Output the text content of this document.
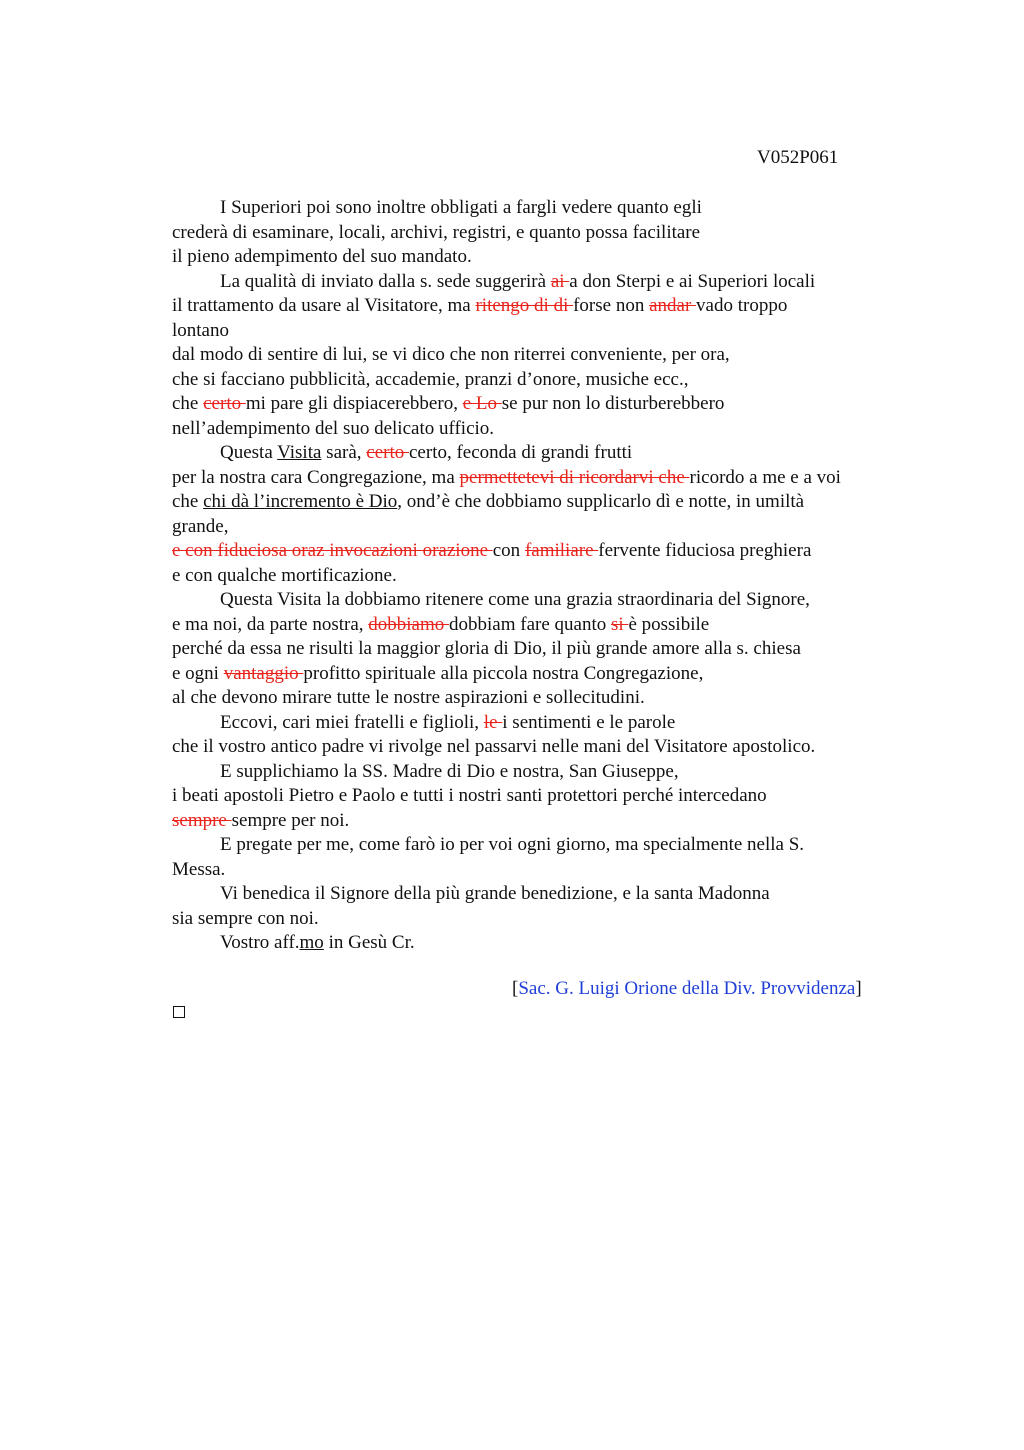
V052P061
I Superiori poi sono inoltre obbligati a fargli vedere quanto egli
crederà di esaminare, locali, archivi, registri, e quanto possa facilitare
il pieno adempimento del suo mandato.
La qualità di inviato dalla s. sede suggerirà ai a don Sterpi e ai Superiori locali
il trattamento da usare al Visitatore, ma ritengo di di forse non andar vado troppo
lontano
dal modo di sentire di lui, se vi dico che non riterrei conveniente, per ora,
che si facciano pubblicità, accademie, pranzi d’onore, musiche ecc.,
che certo mi pare gli dispiacerebbero, e Lo se pur non lo disturberebbero
nell’adempimento del suo delicato ufficio.
Questa Visita sarà, certo certo, feconda di grandi frutti
per la nostra cara Congregazione, ma permettetevi di ricordarvi che ricordo a me e a voi
che chi dà l’incremento è Dio, ond’è che dobbiamo supplicarlo dì e notte, in umiltà
grande,
e con fiduciosa oraz invocazioni orazione con familiare fervente fiduciosa preghiera
e con qualche mortificazione.
Questa Visita la dobbiamo ritenere come una grazia straordinaria del Signore,
e ma noi, da parte nostra, dobbiamo dobbiam fare quanto si è possibile
perché da essa ne risulti la maggior gloria di Dio, il più grande amore alla s. chiesa
e ogni vantaggio profitto spirituale alla piccola nostra Congregazione,
al che devono mirare tutte le nostre aspirazioni e sollecitudini.
Eccovi, cari miei fratelli e figlioli, le i sentimenti e le parole
che il vostro antico padre vi rivolge nel passarvi nelle mani del Visitatore apostolico.
E supplichiamo la SS. Madre di Dio e nostra, San Giuseppe,
i beati apostoli Pietro e Paolo e tutti i nostri santi protettori perché intercedano
sempre sempre per noi.
E pregate per me, come farò io per voi ogni giorno, ma specialmente nella S.
Messa.
Vi benedica il Signore della più grande benedizione, e la santa Madonna
sia sempre con noi.
Vostro aff.mo in Gesù Cr.
[Sac. G. Luigi Orione della Div. Provvidenza]
